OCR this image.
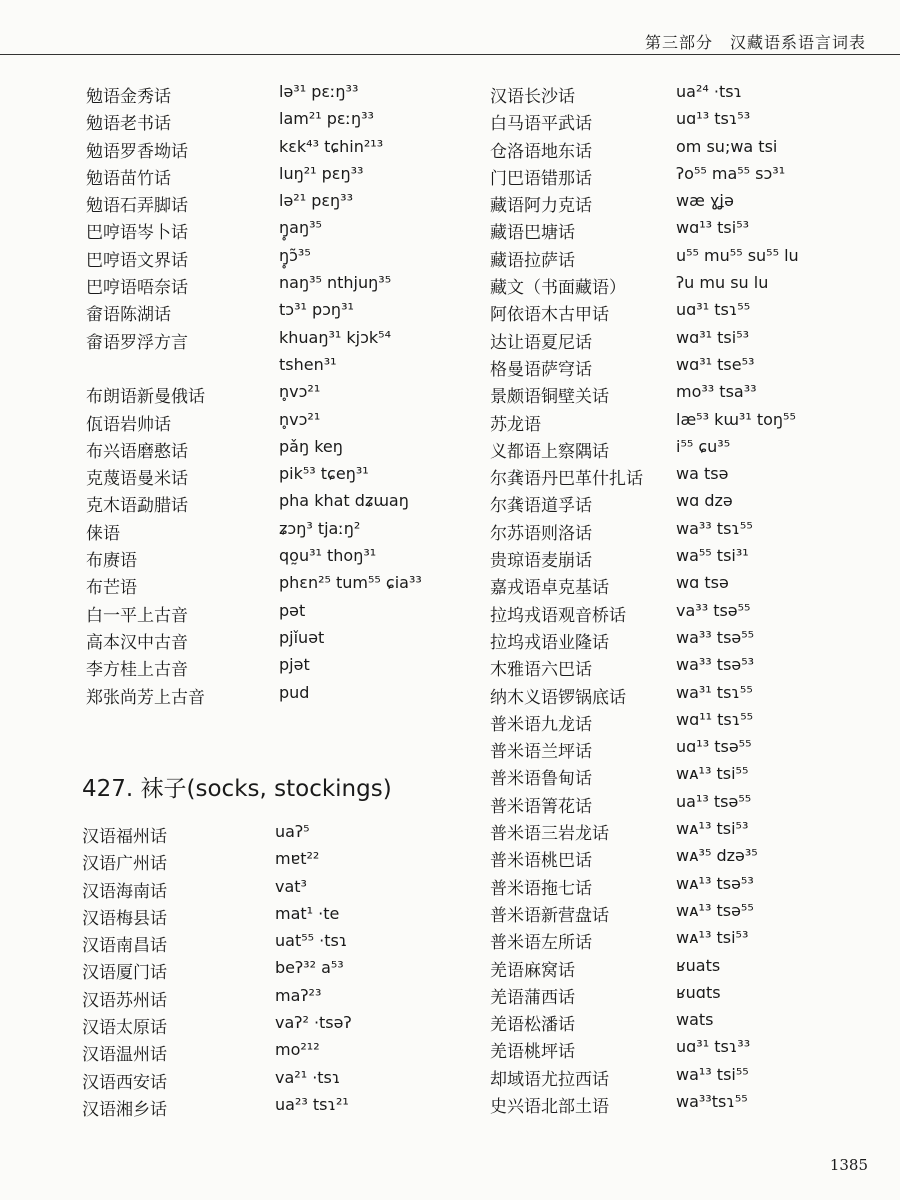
第三部分　汉藏语系语言词表
勉语金秀话	lə³¹ pɛːŋ³³
勉语老书话	lam²¹ pɛːŋ³³
勉语罗香坳话	kɛk⁴³ tɕhin²¹³
勉语苗竹话	luŋ²¹ pɛŋ³³
勉语石弄脚话	lə²¹ pɛŋ³³
巴哼语岑卜话	ŋ̥aŋ³⁵
巴哼语文界话	ŋ̥ɔ̃³⁵
巴哼语唔奈话	naŋ³⁵ nthjuŋ³⁵
畲语陈湖话	tɔ³¹ pɔŋ³¹
畲语罗浮方言	khuaŋ³¹ kjɔk⁵⁴
tshen³¹
布朗语新曼俄话	n̥vɔ²¹
佤语岩帅话	n̥vɔ²¹
布兴语磨憨话	pǎŋ keŋ
克蔑语曼米话	pik⁵³ tɕeŋ³¹
克木语勐腊话	pha khat dʑɯaŋ
俫语	ʑɔŋ³ tjaːŋ²
布赓语	qo̰u³¹ thoŋ³¹
布芒语	phɛn²⁵ tum⁵⁵ ɕia³³
白一平上古音	pət
高本汉中古音	pjǐuət
李方桂上古音	pjət
郑张尚芳上古音	pud
427. 袜子(socks, stockings)
汉语福州话	uaʔ⁵
汉语广州话	mɐt²²
汉语海南话	vat³
汉语梅县话	mat¹ ·te
汉语南昌话	uat⁵⁵ ·tsɿ
汉语厦门话	beʔ³² a⁵³
汉语苏州话	maʔ²³
汉语太原话	vaʔ² ·tsəʔ
汉语温州话	mo²¹²
汉语西安话	va²¹ ·tsɿ
汉语湘乡话	ua²³ tsɿ²¹
汉语长沙话	ua²⁴ ·tsɿ
白马语平武话	uɑ¹³ tsɿ⁵³
仓洛语地东话	om su;wa tsi
门巴语错那话	ʔo⁵⁵ ma⁵⁵ sɔ³¹
藏语阿力克话	wæ ɣʝə
藏语巴塘话	wɑ¹³ tsi⁵³
藏语拉萨话	u⁵⁵ mu⁵⁵ su⁵⁵ lu
藏文（书面藏语）	ʔu mu su lu
阿依语木古甲话	uɑ³¹ tsɿ⁵⁵
达让语夏尼话	wɑ³¹ tsi⁵³
格曼语萨穹话	wɑ³¹ tse⁵³
景颇语铜壁关话	mo³³ tsa³³
苏龙语	læ⁵³ kɯ³¹ toŋ⁵⁵
义都语上察隅话	i⁵⁵ ɕu³⁵
尔龚语丹巴革什扎话 wa tsə
尔龚语道孚话	wɑ dzə
尔苏语则洛话	wa³³ tsɿ⁵⁵
贵琼语麦崩话	wa⁵⁵ tsi³¹
嘉戎语卓克基话	wɑ tsə
拉坞戎语观音桥话	va³³ tsə⁵⁵
拉坞戎语业隆话	wa³³ tsə⁵⁵
木雅语六巴话	wa³³ tsə⁵³
纳木义语锣锅底话	wa³¹ tsɿ⁵⁵
普米语九龙话	wɑ¹¹ tsɿ⁵⁵
普米语兰坪话	uɑ¹³ tsə⁵⁵
普米语鲁甸话	wᴀ¹³ tsi⁵⁵
普米语箐花话	ua¹³ tsə⁵⁵
普米语三岩龙话	wᴀ¹³ tsi⁵³
普米语桃巴话	wᴀ³⁵ dzə³⁵
普米语拖七话	wᴀ¹³ tsə⁵³
普米语新营盘话	wᴀ¹³ tsə⁵⁵
普米语左所话	wᴀ¹³ tsi⁵³
羌语麻窝话	ʁuats
羌语蒲西话	ʁuɑts
羌语松潘话	wats
羌语桃坪话	uɑ³¹ tsɿ³³
却域语尤拉西话	wa¹³ tsi⁵⁵
史兴语北部土语	wa³³tsɿ⁵⁵
1385
